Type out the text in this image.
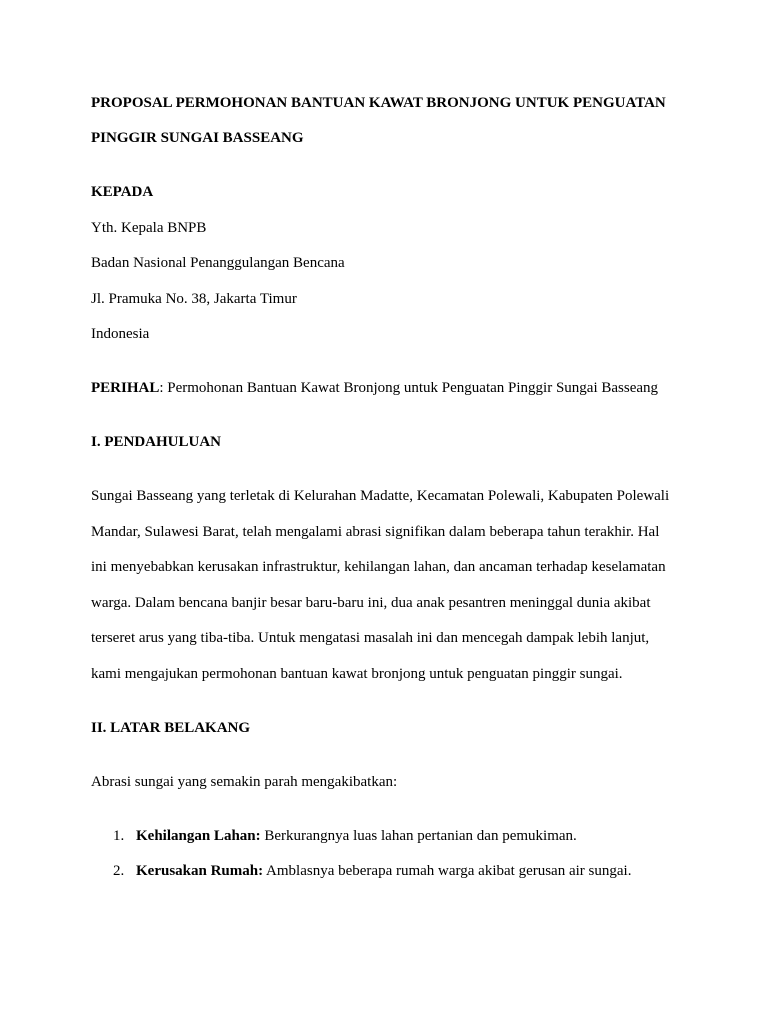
PROPOSAL PERMOHONAN BANTUAN KAWAT BRONJONG UNTUK PENGUATAN
PINGGIR SUNGAI BASSEANG
KEPADA
Yth. Kepala BNPB
Badan Nasional Penanggulangan Bencana
Jl. Pramuka No. 38, Jakarta Timur
Indonesia
PERIHAL: Permohonan Bantuan Kawat Bronjong untuk Penguatan Pinggir Sungai Basseang
I. PENDAHULUAN
Sungai Basseang yang terletak di Kelurahan Madatte, Kecamatan Polewali, Kabupaten Polewali
Mandar, Sulawesi Barat, telah mengalami abrasi signifikan dalam beberapa tahun terakhir. Hal
ini menyebabkan kerusakan infrastruktur, kehilangan lahan, dan ancaman terhadap keselamatan
warga. Dalam bencana banjir besar baru-baru ini, dua anak pesantren meninggal dunia akibat
terseret arus yang tiba-tiba. Untuk mengatasi masalah ini dan mencegah dampak lebih lanjut,
kami mengajukan permohonan bantuan kawat bronjong untuk penguatan pinggir sungai.
II. LATAR BELAKANG
Abrasi sungai yang semakin parah mengakibatkan:
1. Kehilangan Lahan: Berkurangnya luas lahan pertanian dan pemukiman.
2. Kerusakan Rumah: Amblasnya beberapa rumah warga akibat gerusan air sungai.
